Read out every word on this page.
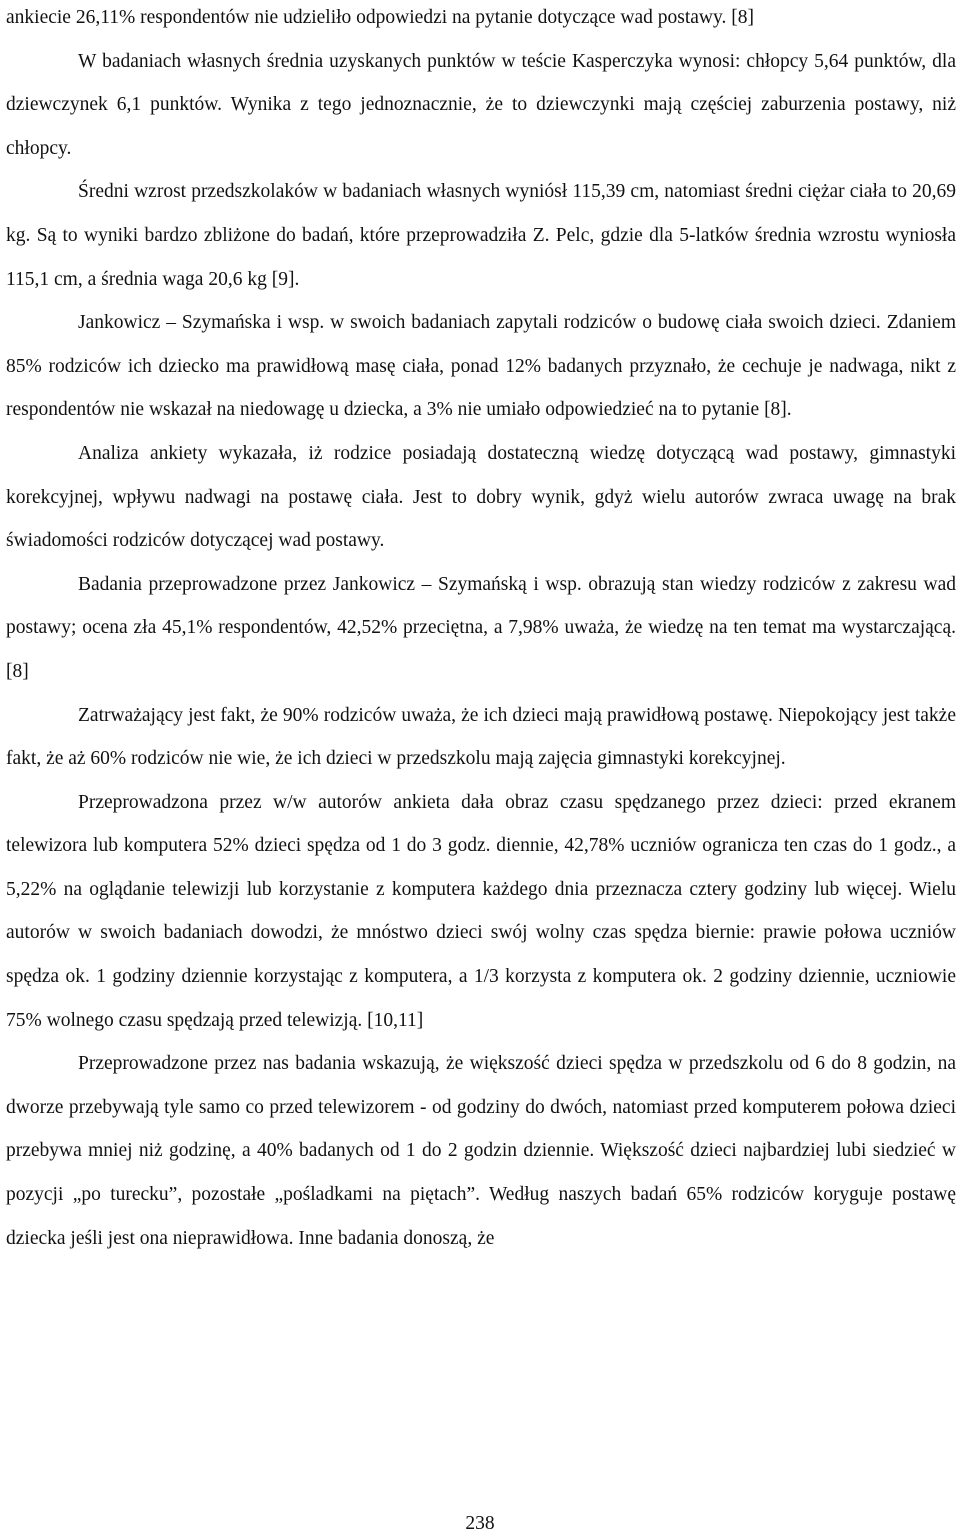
ankiecie 26,11% respondentów nie udzieliło odpowiedzi na pytanie dotyczące wad postawy. [8]

W badaniach własnych średnia uzyskanych punktów w teście Kasperczyka wynosi: chłopcy 5,64 punktów, dla dziewczynek 6,1 punktów. Wynika z tego jednoznacznie, że to dziewczynki mają częściej zaburzenia postawy, niż chłopcy.

Średni wzrost przedszkolaków w badaniach własnych wyniósł 115,39 cm, natomiast średni ciężar ciała to 20,69 kg. Są to wyniki bardzo zbliżone do badań, które przeprowadziła Z. Pelc, gdzie dla 5-latków średnia wzrostu wyniosła 115,1 cm, a średnia waga 20,6 kg [9].

Jankowicz – Szymańska i wsp. w swoich badaniach zapytali rodziców o budowę ciała swoich dzieci. Zdaniem 85% rodziców ich dziecko ma prawidłową masę ciała, ponad 12% badanych przyznało, że cechuje je nadwaga, nikt z respondentów nie wskazał na niedowagę u dziecka, a 3% nie umiało odpowiedzieć na to pytanie [8].

Analiza ankiety wykazała, iż rodzice posiadają dostateczną wiedzę dotyczącą wad postawy, gimnastyki korekcyjnej, wpływu nadwagi na postawę ciała. Jest to dobry wynik, gdyż wielu autorów zwraca uwagę na brak świadomości rodziców dotyczącej wad postawy.

Badania przeprowadzone przez Jankowicz – Szymańską i wsp. obrazują stan wiedzy rodziców z zakresu wad postawy; ocena zła 45,1% respondentów, 42,52% przeciętna, a 7,98% uważa, że wiedzę na ten temat ma wystarczającą. [8]

Zatrważający jest fakt, że 90% rodziców uważa, że ich dzieci mają prawidłową postawę. Niepokojący jest także fakt, że aż 60% rodziców nie wie, że ich dzieci w przedszkolu mają zajęcia gimnastyki korekcyjnej.

Przeprowadzona przez w/w autorów ankieta dała obraz czasu spędzanego przez dzieci: przed ekranem telewizora lub komputera 52% dzieci spędza od 1 do 3 godz. diennie, 42,78% uczniów ogranicza ten czas do 1 godz., a 5,22% na oglądanie telewizji lub korzystanie z komputera każdego dnia przeznacza cztery godziny lub więcej. Wielu autorów w swoich badaniach dowodzi, że mnóstwo dzieci swój wolny czas spędza biernie: prawie połowa uczniów spędza ok. 1 godziny dziennie korzystając z komputera, a 1/3 korzysta z komputera ok. 2 godziny dziennie, uczniowie 75% wolnego czasu spędzają przed telewizją. [10,11]

Przeprowadzone przez nas badania wskazują, że większość dzieci spędza w przedszkolu od 6 do 8 godzin, na dworze przebywają tyle samo co przed telewizorem - od godziny do dwóch, natomiast przed komputerem połowa dzieci przebywa mniej niż godzinę, a 40% badanych od 1 do 2 godzin dziennie. Większość dzieci najbardziej lubi siedzieć w pozycji „po turecku”, pozostałe „pośladkami na piętach”. Według naszych badań 65% rodziców koryguje postawę dziecka jeśli jest ona nieprawidłowa. Inne badania donoszą, że

238
